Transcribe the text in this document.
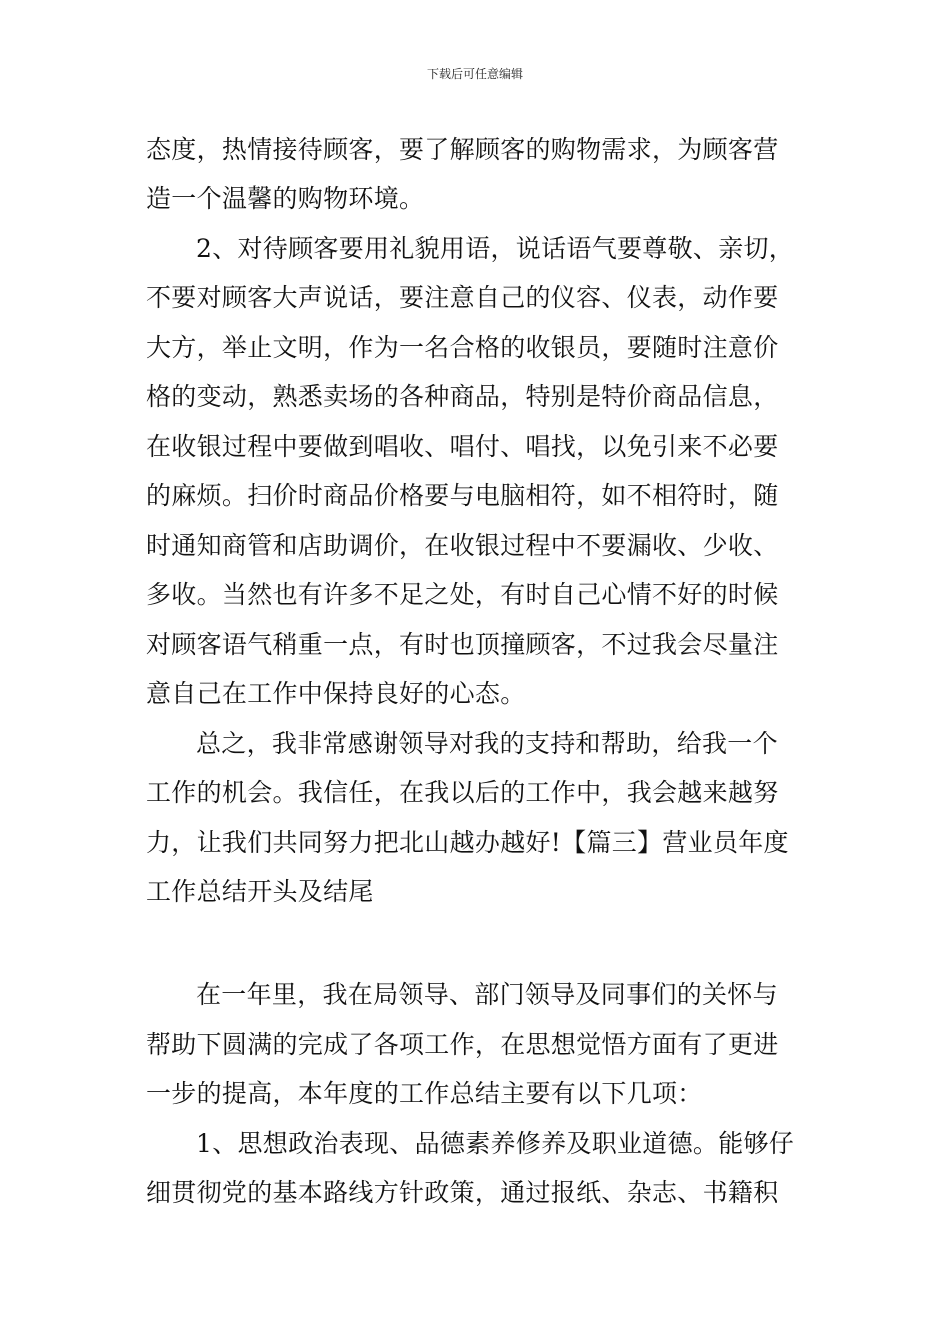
下载后可任意编辑
态度，热情接待顾客，要了解顾客的购物需求，为顾客营
造一个温馨的购物环境。
2、对待顾客要用礼貌用语，说话语气要尊敬、亲切，
不要对顾客大声说话，要注意自己的仪容、仪表，动作要
大方，举止文明，作为一名合格的收银员，要随时注意价
格的变动，熟悉卖场的各种商品，特别是特价商品信息，
在收银过程中要做到唱收、唱付、唱找，以免引来不必要
的麻烦。扫价时商品价格要与电脑相符，如不相符时，随
时通知商管和店助调价，在收银过程中不要漏收、少收、
多收。当然也有许多不足之处，有时自己心情不好的时候
对顾客语气稍重一点，有时也顶撞顾客，不过我会尽量注
意自己在工作中保持良好的心态。
总之，我非常感谢领导对我的支持和帮助，给我一个
工作的机会。我信任，在我以后的工作中，我会越来越努
力，让我们共同努力把北山越办越好!【篇三】营业员年度
工作总结开头及结尾
在一年里，我在局领导、部门领导及同事们的关怀与
帮助下圆满的完成了各项工作，在思想觉悟方面有了更进
一步的提高，本年度的工作总结主要有以下几项：
1、思想政治表现、品德素养修养及职业道德。能够仔
细贯彻党的基本路线方针政策，通过报纸、杂志、书籍积
